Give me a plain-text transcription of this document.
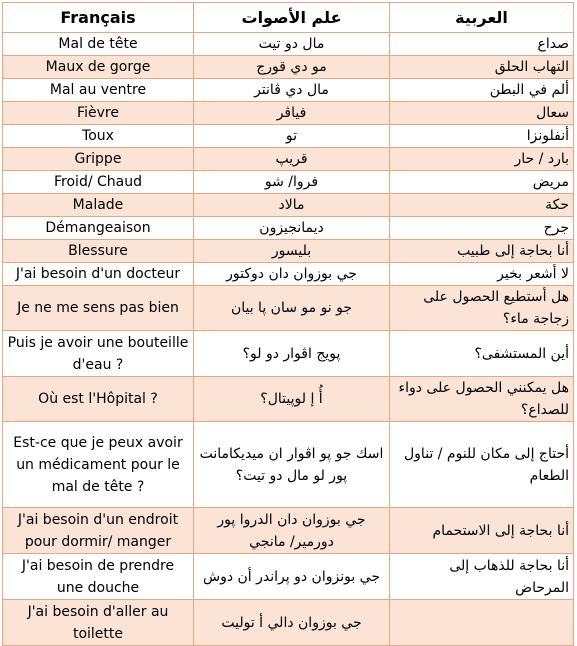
Français	علم الأصوات	العربية
Mal de tête	مال دو تيت	صداع
Maux de gorge	مو دي قورج	التهاب الحلق
Mal au ventre	مال دي ڤانتر	ألم في البطن
Fièvre	فياڤر	سعال
Toux	تو	أنفلونزا
Grippe	قريپ	بارد / حار
Froid/ Chaud	فروا/ شو	مريض
Malade	مالاد	حكة
Démangeaison	ديمانجيزون	جرح
Blessure	بليسور	أنا بحاجة إلى طبيب
J'ai besoin d'un docteur	جي بوزوان دان دوكتور	لا أشعر بخير
Je ne me sens pas bien	جو نو مو سان پا بيان	هل أستطيع الحصول على زجاجة ماء؟
Puis je avoir une bouteille d'eau ?	پويج اڤوار دو لو؟	أين المستشفى؟
Où est l'Hôpital ?	أُ إ لوپيتال؟	هل يمكنني الحصول على دواء للصداع؟
Est-ce que je peux avoir un médicament pour le mal de tête ?	اسك جو پو اڤوار ان ميديكامانت پور لو مال دو تيت؟	أحتاج إلى مكان للنوم / تناول الطعام
J'ai besoin d'un endroit pour dormir/ manger	جي بوزوان دان الدروا پور دورمير/ مانجي	أنا بحاجة إلى الاستحمام
J'ai besoin de prendre une douche	جي بونزوان دو پراندر أن دوش	أنا بحاجة للذهاب إلى المرحاض
J'ai besoin d'aller au toilette	جي بوزوان دالي أ توليت	
